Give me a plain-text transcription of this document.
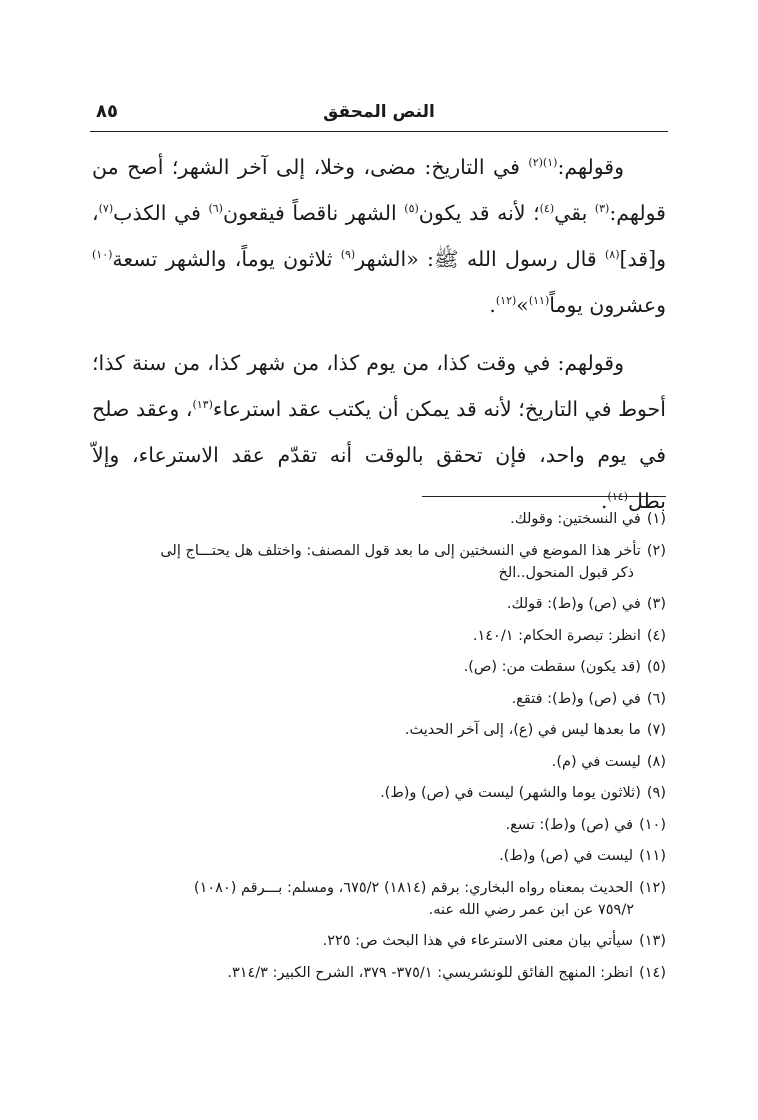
النص المحقق
٨٥

وقولهم:$^{(١)(٢)}$ في التاريخ: مضى، وخلا، إلى آخر الشهر؛ أصح من قولهم:$^{(٣)}$ بقي$^{(٤)}$؛ لأنه قد يكون$^{(٥)}$ الشهر ناقصاً فيقعون$^{(٦)}$ في الكذب$^{(٧)}$، و[قد]$^{(٨)}$ قال رسول الله ﷺ: «الشهر$^{(٩)}$ ثلاثون يوماً، والشهر تسعة$^{(١٠)}$ وعشرون يوماً$^{(١١)}$»$^{(١٢)}$.

وقولهم: في وقت كذا، من يوم كذا، من شهر كذا، من سنة كذا؛ أحوط في التاريخ؛ لأنه قد يمكن أن يكتب عقد استرعاء$^{(١٣)}$، وعقد صلح في يوم واحد، فإن تحقق بالوقت أنه تقدّم عقد الاسترعاء، وإلاّ بطل$^{(١٤)}$.

(١)في النسختين: وقولك.
(٢)تأخر هذا الموضع في النسختين إلى ما بعد قول المصنف: واختلف هل يحتـــاج إلى
ذكر قبول المنحول..الخ
(٣)في (ص) و(ط): قولك.
(٤)انظر: تبصرة الحكام: ١٤٠/١.
(٥)(قد يكون) سقطت من: (ص).
(٦)في (ص) و(ط): فتقع.
(٧)ما بعدها ليس في (ع)، إلى آخر الحديث.
(٨)ليست في (م).
(٩)(ثلاثون يوما والشهر) ليست في (ص) و(ط).
(١٠)في (ص) و(ط): تسع.
(١١)ليست في (ص) و(ط).
(١٢)الحديث بمعناه رواه البخاري: برقم (١٨١٤) ٦٧٥/٢، ومسلم: بـــرقم (١٠٨٠)
٧٥٩/٢ عن ابن عمر رضي الله عنه.
(١٣)سيأتي بيان معنى الاسترعاء في هذا البحث ص: ٢٢٥.
(١٤)انظر: المنهج الفائق للونشريسي: ٣٧٥/١- ٣٧٩، الشرح الكبير: ٣١٤/٣.
